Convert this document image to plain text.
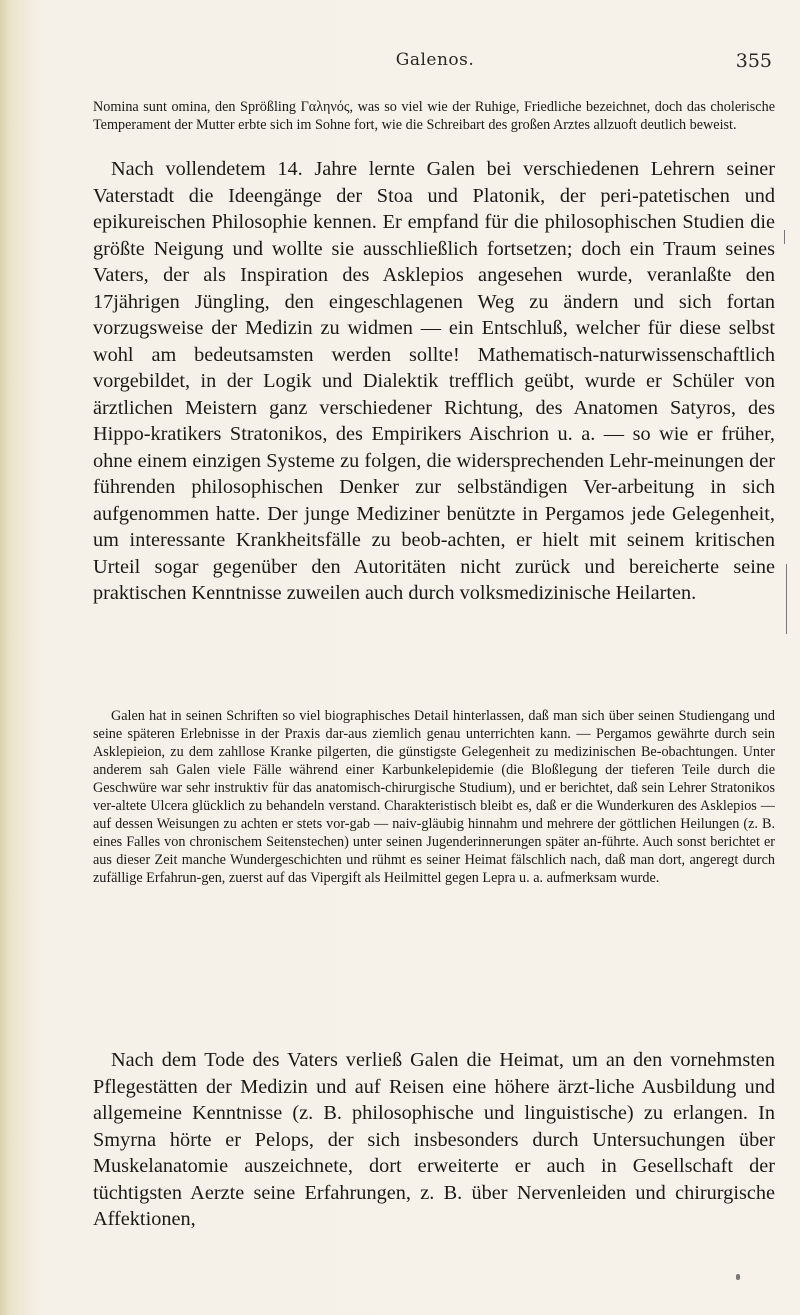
Galenos.	355

Nomina sunt omina, den Sprößling Γαληνός, was so viel wie der Ruhige, Friedliche bezeichnet, doch das cholerische Temperament der Mutter erbte sich im Sohne fort, wie die Schreibart des großen Arztes allzuoft deutlich beweist.

Nach vollendetem 14. Jahre lernte Galen bei verschiedenen Lehrern seiner Vaterstadt die Ideengänge der Stoa und Platonik, der peri-patetischen und epikureischen Philosophie kennen. Er empfand für die philosophischen Studien die größte Neigung und wollte sie ausschließlich fortsetzen; doch ein Traum seines Vaters, der als Inspiration des Asklepios angesehen wurde, veranlaßte den 17jährigen Jüngling, den eingeschlagenen Weg zu ändern und sich fortan vorzugsweise der Medizin zu widmen — ein Entschluß, welcher für diese selbst wohl am bedeutsamsten werden sollte! Mathematisch-naturwissenschaftlich vorgebildet, in der Logik und Dialektik trefflich geübt, wurde er Schüler von ärztlichen Meistern ganz verschiedener Richtung, des Anatomen Satyros, des Hippo-kratikers Stratonikos, des Empirikers Aischrion u. a. — so wie er früher, ohne einem einzigen Systeme zu folgen, die widersprechenden Lehr-meinungen der führenden philosophischen Denker zur selbständigen Ver-arbeitung in sich aufgenommen hatte. Der junge Mediziner benützte in Pergamos jede Gelegenheit, um interessante Krankheitsfälle zu beob-achten, er hielt mit seinem kritischen Urteil sogar gegenüber den Autoritäten nicht zurück und bereicherte seine praktischen Kenntnisse zuweilen auch durch volksmedizinische Heilarten.

Galen hat in seinen Schriften so viel biographisches Detail hinterlassen, daß man sich über seinen Studiengang und seine späteren Erlebnisse in der Praxis dar-aus ziemlich genau unterrichten kann. — Pergamos gewährte durch sein Asklepieion, zu dem zahllose Kranke pilgerten, die günstigste Gelegenheit zu medizinischen Be-obachtungen. Unter anderem sah Galen viele Fälle während einer Karbunkelepidemie (die Bloßlegung der tieferen Teile durch die Geschwüre war sehr instruktiv für das anatomisch-chirurgische Studium), und er berichtet, daß sein Lehrer Stratonikos ver-altete Ulcera glücklich zu behandeln verstand. Charakteristisch bleibt es, daß er die Wunderkuren des Asklepios — auf dessen Weisungen zu achten er stets vor-gab — naiv-gläubig hinnahm und mehrere der göttlichen Heilungen (z. B. eines Falles von chronischem Seitenstechen) unter seinen Jugenderinnerungen später an-führte. Auch sonst berichtet er aus dieser Zeit manche Wundergeschichten und rühmt es seiner Heimat fälschlich nach, daß man dort, angeregt durch zufällige Erfahrun-gen, zuerst auf das Vipergift als Heilmittel gegen Lepra u. a. aufmerksam wurde.

Nach dem Tode des Vaters verließ Galen die Heimat, um an den vornehmsten Pflegestätten der Medizin und auf Reisen eine höhere ärzt-liche Ausbildung und allgemeine Kenntnisse (z. B. philosophische und linguistische) zu erlangen. In Smyrna hörte er Pelops, der sich insbesonders durch Untersuchungen über Muskelanatomie auszeichnete, dort erweiterte er auch in Gesellschaft der tüchtigsten Aerzte seine Erfahrungen, z. B. über Nervenleiden und chirurgische Affektionen,
